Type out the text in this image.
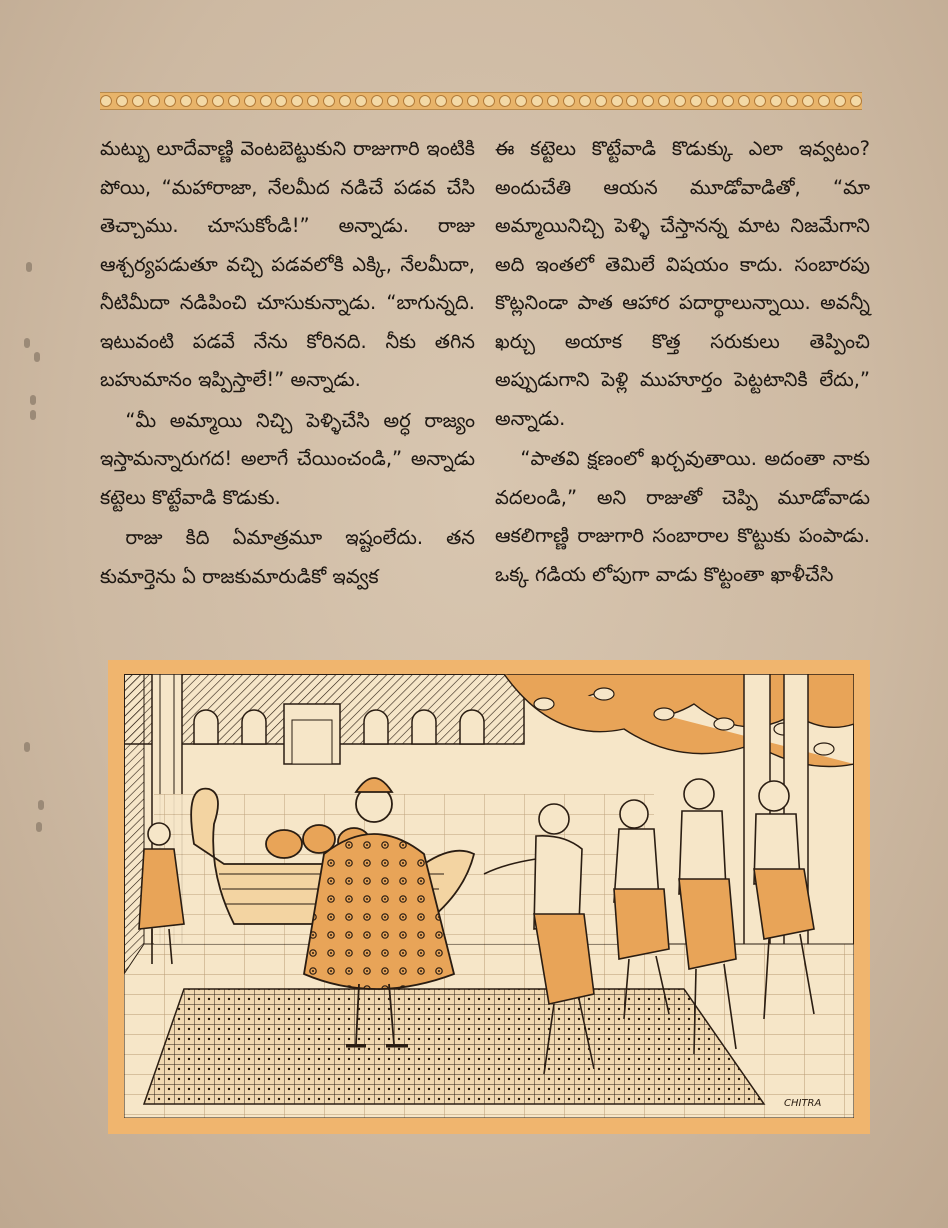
మట్బు లూదేవాణ్ణి వెంటబెట్టుకుని రాజుగారి ఇంటికి పోయి, “మహారాజా, నేలమీద నడిచే పడవ చేసి తెచ్చాము. చూసుకోండి!” అన్నాడు. రాజు ఆశ్చర్యపడుతూ వచ్చి పడవలోకి ఎక్కి, నేలమీదా, నీటిమీదా నడిపించి చూసుకున్నాడు. “బాగున్నది. ఇటువంటి పడవే నేను కోరినది. నీకు తగిన బహుమానం ఇప్పిస్తాలే!” అన్నాడు.

“మీ అమ్మాయి నిచ్చి పెళ్ళిచేసి అర్ధ రాజ్యం ఇస్తామన్నారుగద! అలాగే చేయించండి,” అన్నాడు కట్టెలు కొట్టేవాడి కొడుకు.

రాజు కిది ఏమాత్రమూ ఇష్టంలేదు. తన కుమార్తెను ఏ రాజకుమారుడికో ఇవ్వక

ఈ కట్టెలు కొట్టేవాడి కొడుక్కు ఎలా ఇవ్వటం? అందుచేతి ఆయన మూడోవాడితో, “మా అమ్మాయినిచ్చి పెళ్ళి చేస్తానన్న మాట నిజమేగాని అది ఇంతలో తెమిలే విషయం కాదు. సంబారపు కొట్లనిండా పాత ఆహార పదార్థాలున్నాయి. అవన్నీ ఖర్చు అయాక కొత్త సరుకులు తెప్పించి అప్పుడుగాని పెళ్లి ముహూర్తం పెట్టటానికి లేదు,” అన్నాడు.

“పాతవి క్షణంలో ఖర్చవుతాయి. అదంతా నాకు వదలండి,” అని రాజుతో చెప్పి మూడోవాడు ఆకలిగాణ్ణి రాజుగారి సంబారాల కొట్టుకు పంపాడు. ఒక్క గడియ లోపుగా వాడు కొట్టంతా ఖాళీచేసి

CHITRA
